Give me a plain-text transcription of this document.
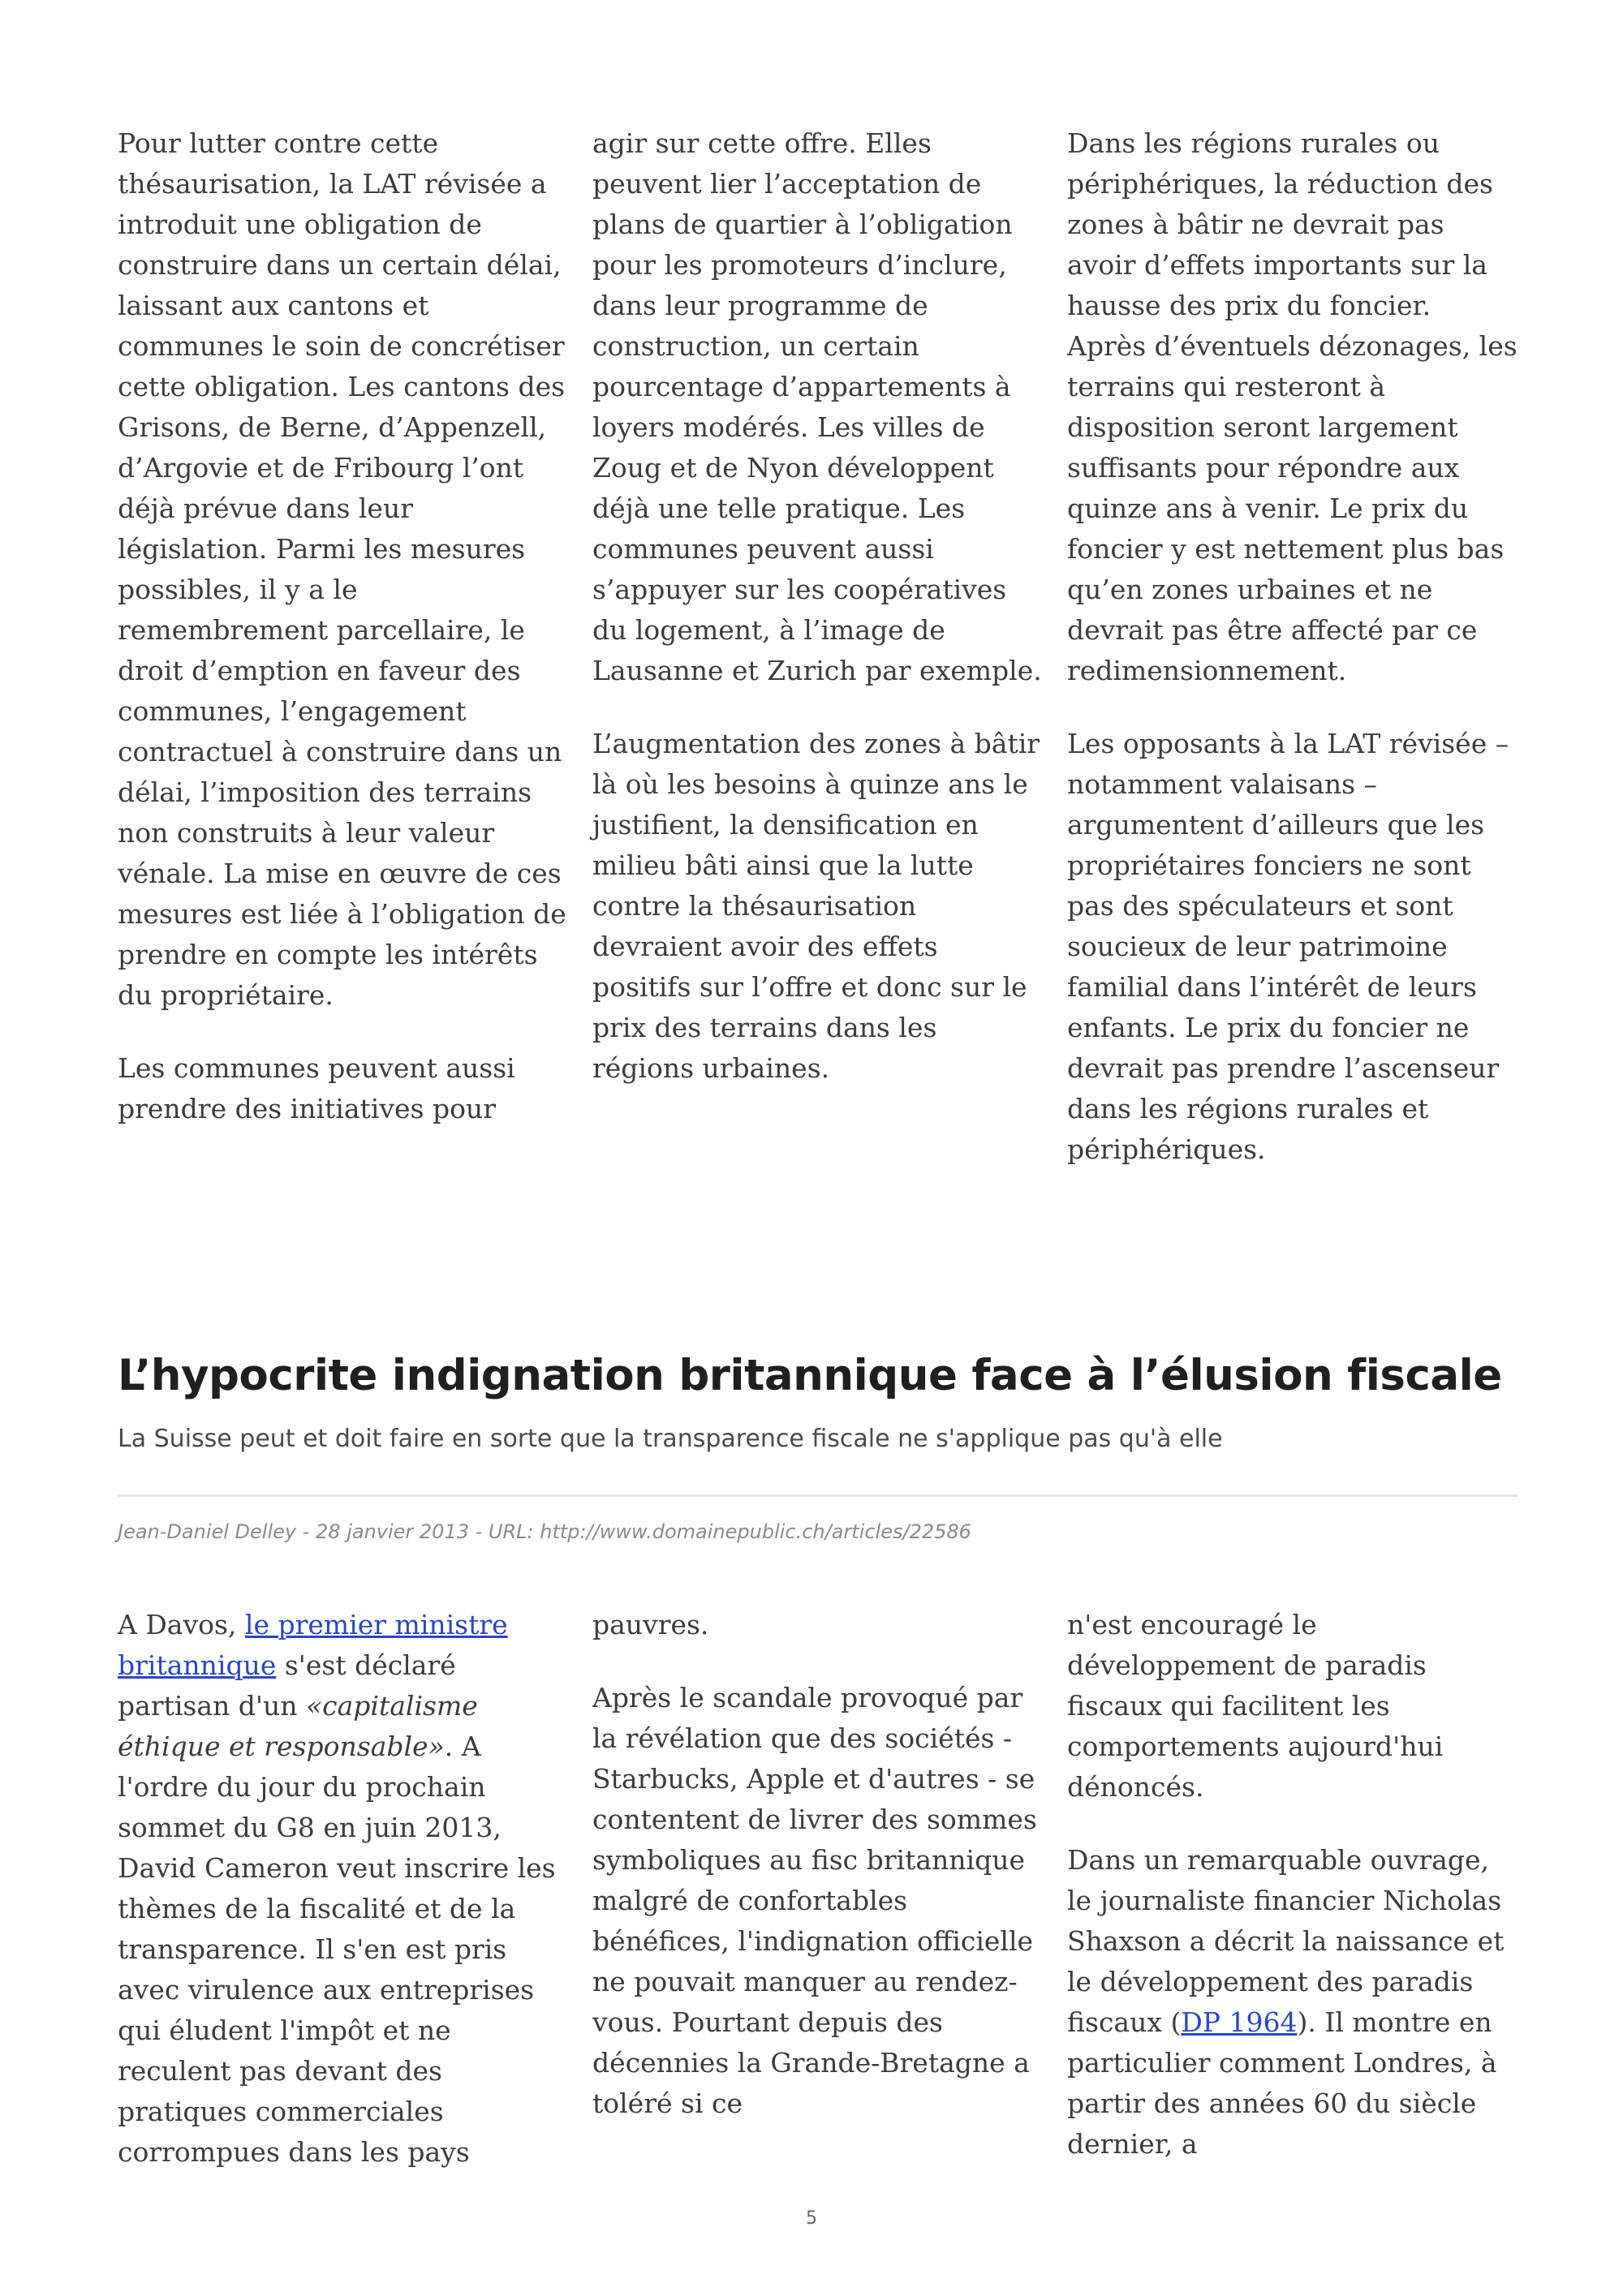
Pour lutter contre cette thésaurisation, la LAT révisée a introduit une obligation de construire dans un certain délai, laissant aux cantons et communes le soin de concrétiser cette obligation. Les cantons des Grisons, de Berne, d’Appenzell, d’Argovie et de Fribourg l’ont déjà prévue dans leur législation. Parmi les mesures possibles, il y a le remembrement parcellaire, le droit d’emption en faveur des communes, l’engagement contractuel à construire dans un délai, l’imposition des terrains non construits à leur valeur vénale. La mise en œuvre de ces mesures est liée à l’obligation de prendre en compte les intérêts du propriétaire.

Les communes peuvent aussi prendre des initiatives pour

agir sur cette offre. Elles peuvent lier l’acceptation de plans de quartier à l’obligation pour les promoteurs d’inclure, dans leur programme de construction, un certain pourcentage d’appartements à loyers modérés. Les villes de Zoug et de Nyon développent déjà une telle pratique. Les communes peuvent aussi s’appuyer sur les coopératives du logement, à l’image de Lausanne et Zurich par exemple.

L’augmentation des zones à bâtir là où les besoins à quinze ans le justifient, la densification en milieu bâti ainsi que la lutte contre la thésaurisation devraient avoir des effets positifs sur l’offre et donc sur le prix des terrains dans les régions urbaines.

Dans les régions rurales ou périphériques, la réduction des zones à bâtir ne devrait pas avoir d’effets importants sur la hausse des prix du foncier. Après d’éventuels dézonages, les terrains qui resteront à disposition seront largement suffisants pour répondre aux quinze ans à venir. Le prix du foncier y est nettement plus bas qu’en zones urbaines et ne devrait pas être affecté par ce redimensionnement.

Les opposants à la LAT révisée – notamment valaisans – argumentent d’ailleurs que les propriétaires fonciers ne sont pas des spéculateurs et sont soucieux de leur patrimoine familial dans l’intérêt de leurs enfants. Le prix du foncier ne devrait pas prendre l’ascenseur dans les régions rurales et périphériques.

L’hypocrite indignation britannique face à l’élusion fiscale

La Suisse peut et doit faire en sorte que la transparence fiscale ne s'applique pas qu'à elle

Jean-Daniel Delley - 28 janvier 2013 - URL: http://www.domainepublic.ch/articles/22586

A Davos, le premier ministre britannique s'est déclaré partisan d'un «capitalisme éthique et responsable». A l'ordre du jour du prochain sommet du G8 en juin 2013, David Cameron veut inscrire les thèmes de la fiscalité et de la transparence. Il s'en est pris avec virulence aux entreprises qui éludent l'impôt et ne reculent pas devant des pratiques commerciales corrompues dans les pays

pauvres.

Après le scandale provoqué par la révélation que des sociétés - Starbucks, Apple et d'autres - se contentent de livrer des sommes symboliques au fisc britannique malgré de confortables bénéfices, l'indignation officielle ne pouvait manquer au rendez-vous. Pourtant depuis des décennies la Grande-Bretagne a toléré si ce

n'est encouragé le développement de paradis fiscaux qui facilitent les comportements aujourd'hui dénoncés.

Dans un remarquable ouvrage, le journaliste financier Nicholas Shaxson a décrit la naissance et le développement des paradis fiscaux (DP 1964). Il montre en particulier comment Londres, à partir des années 60 du siècle dernier, a

5
